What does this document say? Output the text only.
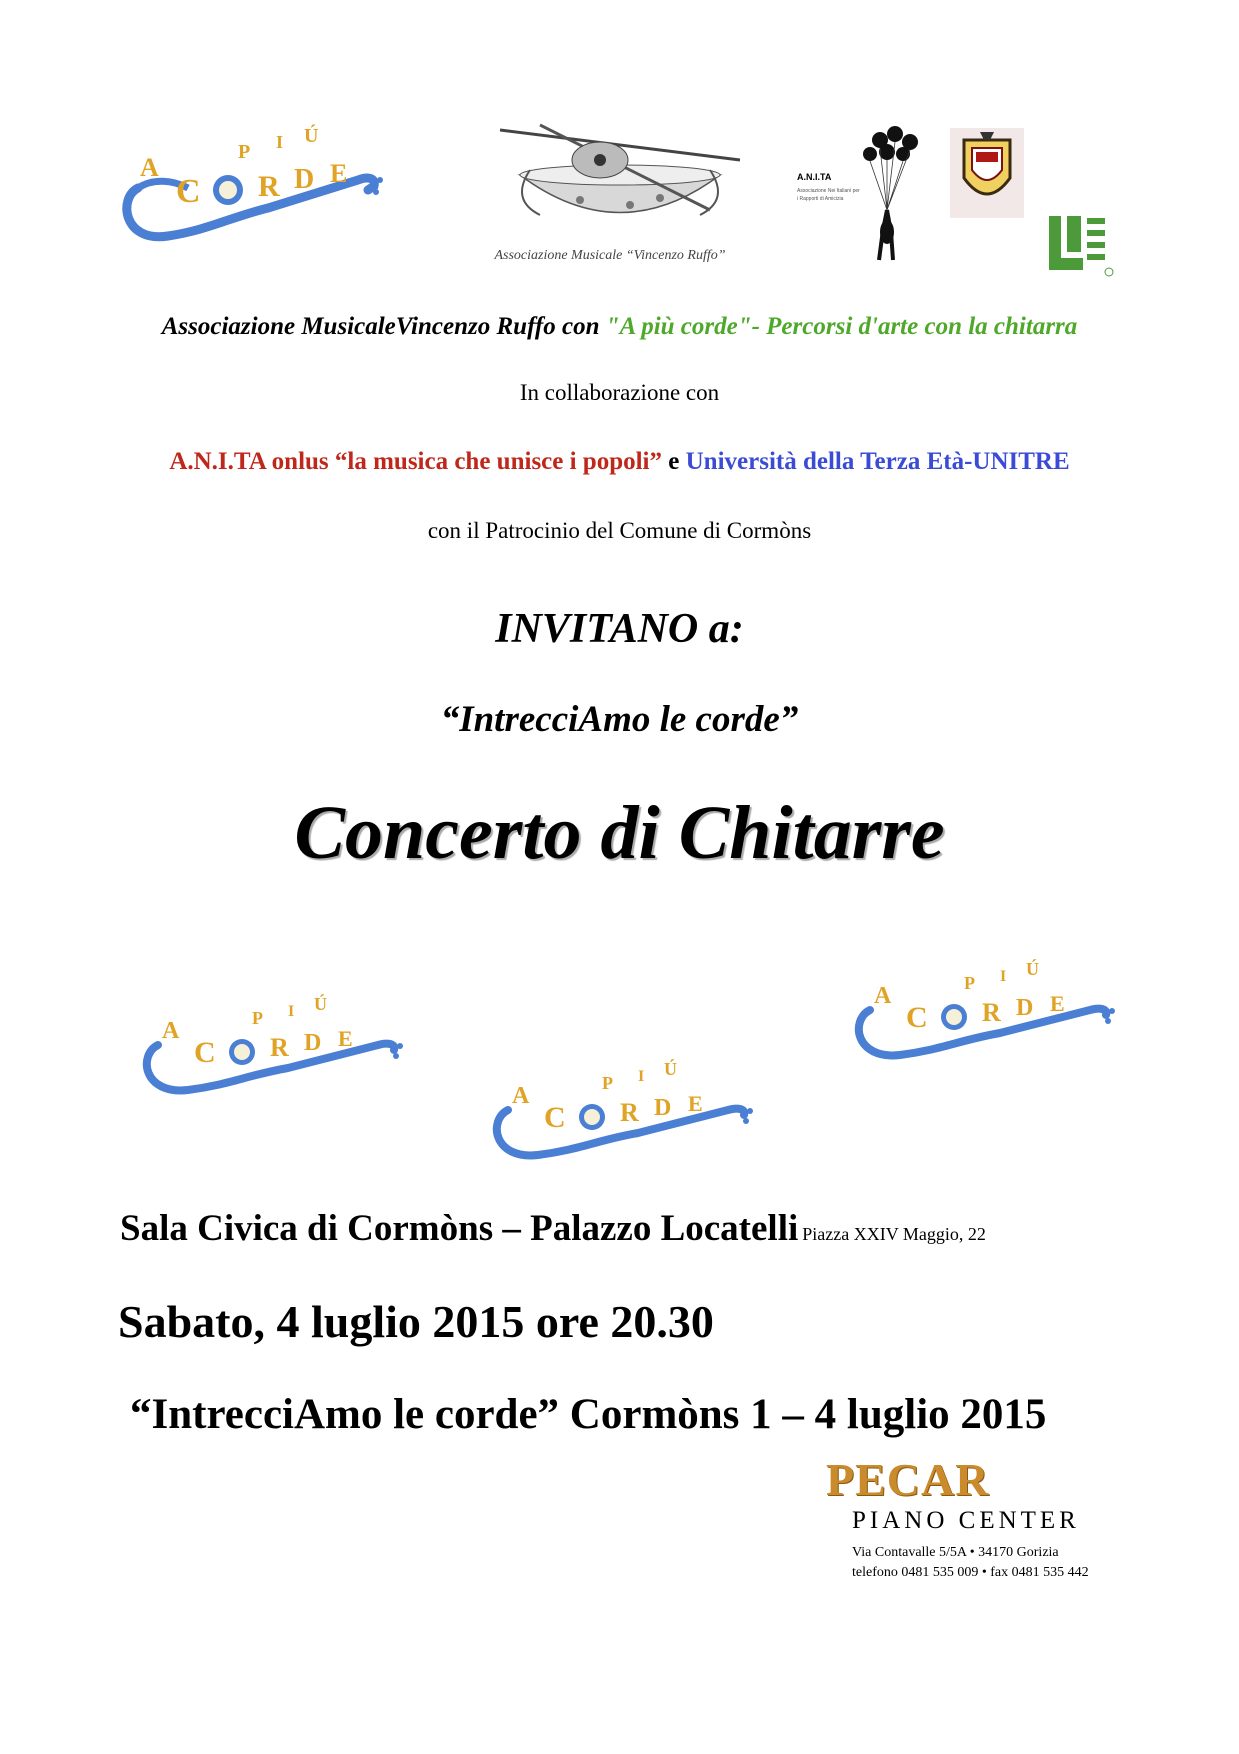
A
C R D E
P I Ú
Associazione Musicale “Vincenzo Ruffo”
A.N.I.TA
Associazione Nei Italiani per
i Rapporti di Amicizia
Associazione MusicaleVincenzo Ruffo con "A più corde"- Percorsi d'arte con la chitarra
In collaborazione con
A.N.I.TA onlus “la musica che unisce i popoli” e Università della Terza Età-UNITRE
con il Patrocinio del Comune di Cormòns
INVITANO a:
“IntrecciAmo le corde”
Concerto di Chitarre
A
C R D E
P I Ú
A
C R D E
P I Ú
A
C R D E
P I Ú
Sala Civica di Cormòns – Palazzo Locatelli Piazza XXIV Maggio, 22
Sabato, 4 luglio 2015 ore 20.30
“IntrecciAmo le corde” Cormòns 1 – 4 luglio 2015
PECAR
PIANO CENTER
Via Contavalle 5/5A • 34170 Gorizia
telefono 0481 535 009 • fax 0481 535 442
